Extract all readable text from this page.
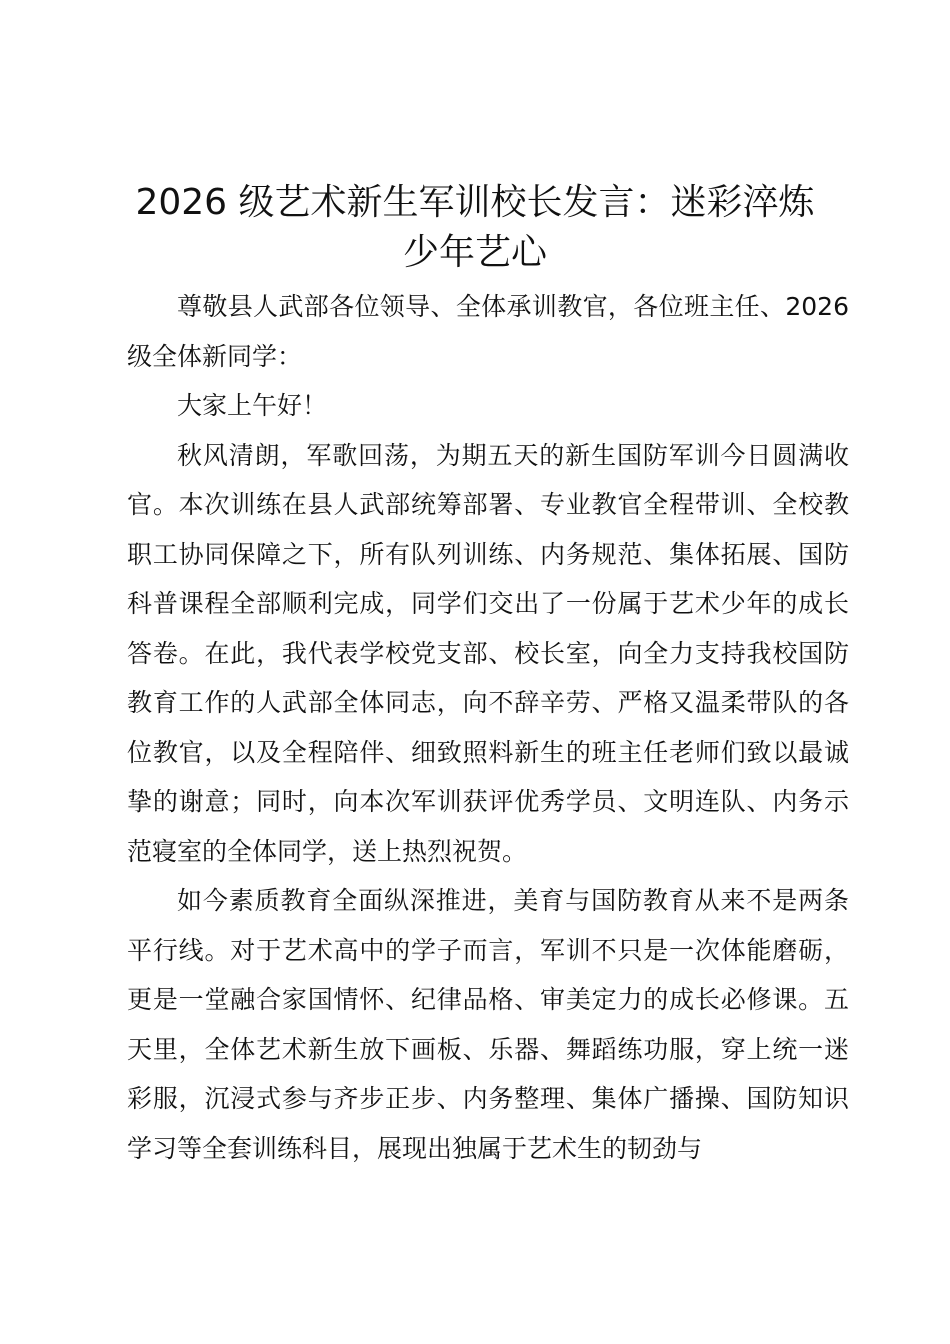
2026 级艺术新生军训校长发言：迷彩淬炼少年艺心

尊敬县人武部各位领导、全体承训教官，各位班主任、2026 级全体新同学：

大家上午好！

秋风清朗，军歌回荡，为期五天的新生国防军训今日圆满收官。本次训练在县人武部统筹部署、专业教官全程带训、全校教职工协同保障之下，所有队列训练、内务规范、集体拓展、国防科普课程全部顺利完成，同学们交出了一份属于艺术少年的成长答卷。在此，我代表学校党支部、校长室，向全力支持我校国防教育工作的人武部全体同志，向不辞辛劳、严格又温柔带队的各位教官，以及全程陪伴、细致照料新生的班主任老师们致以最诚挚的谢意；同时，向本次军训获评优秀学员、文明连队、内务示范寝室的全体同学，送上热烈祝贺。

如今素质教育全面纵深推进，美育与国防教育从来不是两条平行线。对于艺术高中的学子而言，军训不只是一次体能磨砺，更是一堂融合家国情怀、纪律品格、审美定力的成长必修课。五天里，全体艺术新生放下画板、乐器、舞蹈练功服，穿上统一迷彩服，沉浸式参与齐步正步、内务整理、集体广播操、国防知识学习等全套训练科目，展现出独属于艺术生的韧劲与
